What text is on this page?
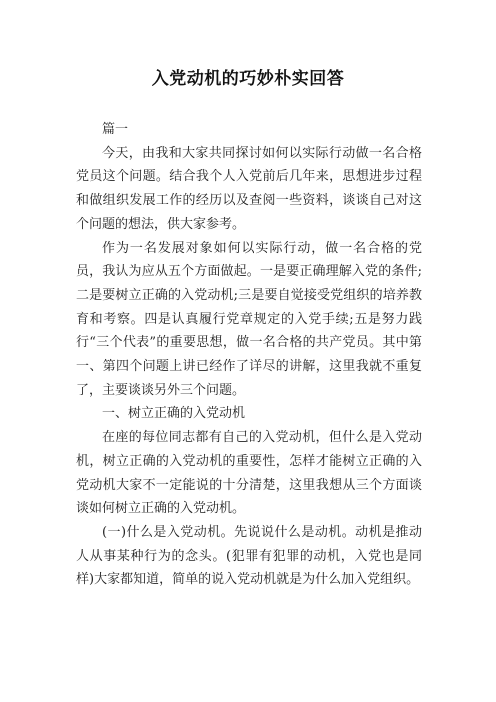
入党动机的巧妙朴实回答

篇一

今天，由我和大家共同探讨如何以实际行动做一名合格党员这个问题。结合我个人入党前后几年来，思想进步过程和做组织发展工作的经历以及查阅一些资料，谈谈自己对这个问题的想法，供大家参考。

作为一名发展对象如何以实际行动，做一名合格的党员，我认为应从五个方面做起。一是要正确理解入党的条件;二是要树立正确的入党动机;三是要自觉接受党组织的培养教育和考察。四是认真履行党章规定的入党手续;五是努力践行“三个代表”的重要思想，做一名合格的共产党员。其中第一、第四个问题上讲已经作了详尽的讲解，这里我就不重复了，主要谈谈另外三个问题。

一、树立正确的入党动机

在座的每位同志都有自己的入党动机，但什么是入党动机，树立正确的入党动机的重要性，怎样才能树立正确的入党动机大家不一定能说的十分清楚，这里我想从三个方面谈谈如何树立正确的入党动机。

(一)什么是入党动机。先说说什么是动机。动机是推动人从事某种行为的念头。(犯罪有犯罪的动机，入党也是同样)大家都知道，简单的说入党动机就是为什么加入党组织。
